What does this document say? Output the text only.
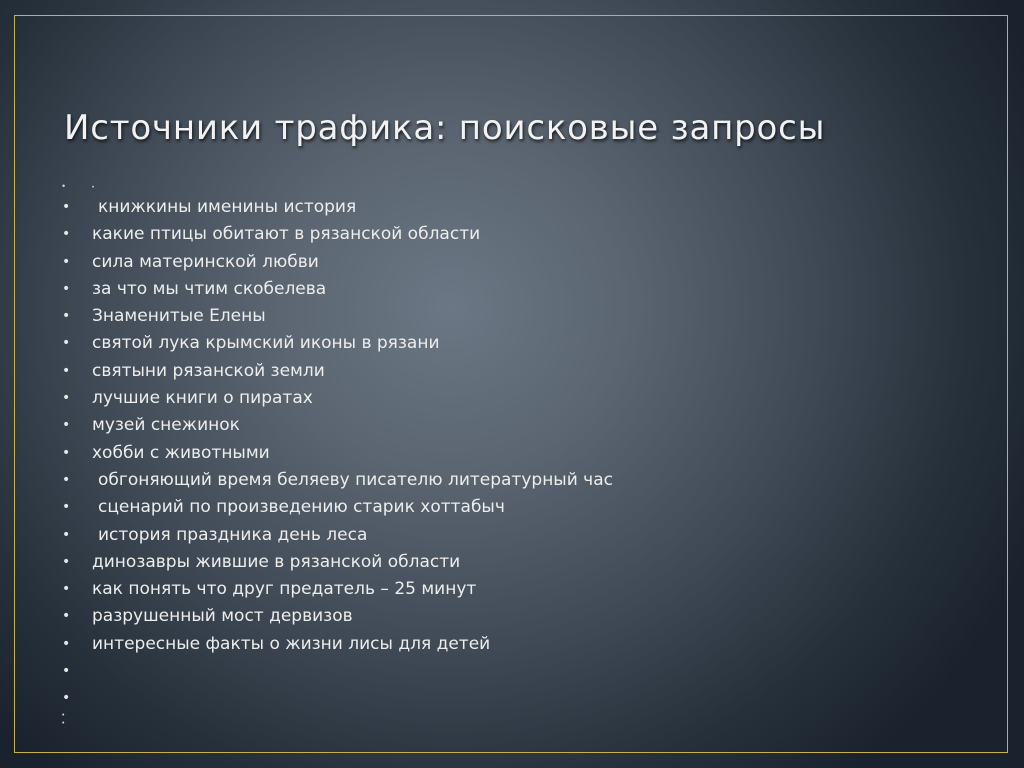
Источники трафика: поисковые запросы
•	•
•	книжкины именины история
•	какие птицы обитают в рязанской области
•	сила материнской любви
•	за что мы чтим скобелева
•	Знаменитые Елены
•	святой лука крымский иконы в рязани
•	святыни рязанской земли
•	лучшие книги о пиратах
•	музей снежинок
•	хобби с животными
•	обгоняющий время беляеву писателю литературный час
•	сценарий по произведению старик хоттабыч
•	история праздника день леса
•	динозавры жившие в рязанской области
•	как понять что друг предатель – 25 минут
•	разрушенный мост дервизов
•	интересные факты о жизни лисы для детей
•
•
•
•
